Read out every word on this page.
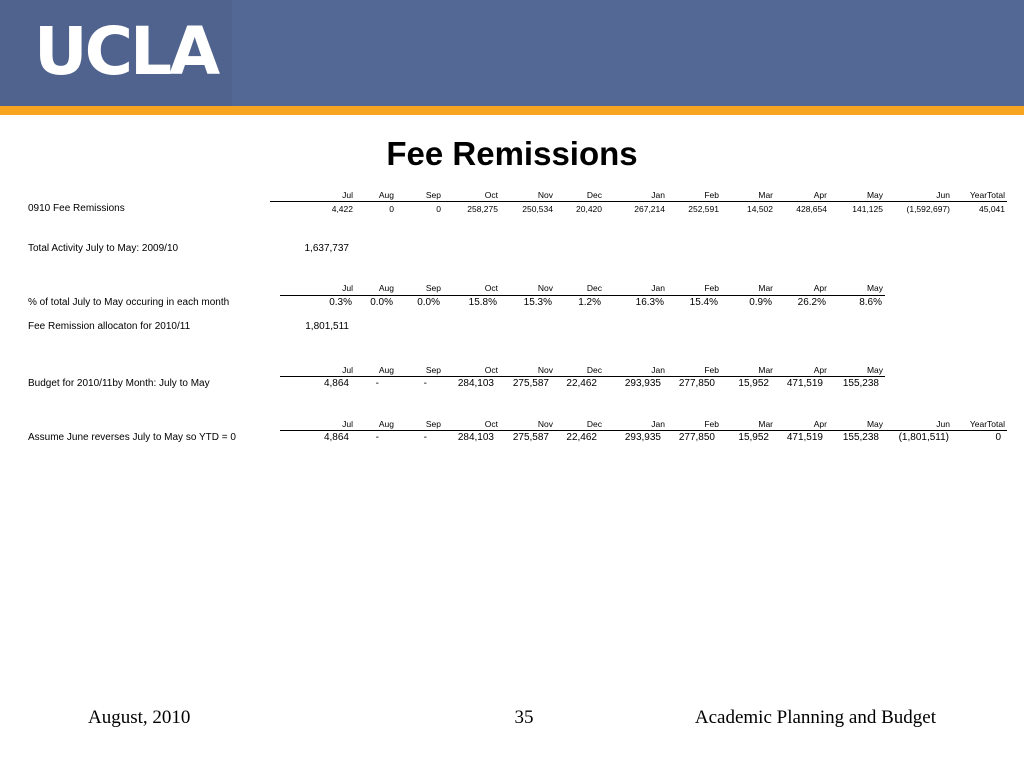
UCLA
Fee Remissions
0910 Fee Remissions
Jul	Aug	Sep	Oct	Nov	Dec	Jan	Feb	Mar	Apr	May	Jun	YearTotal
4,422	0	0	258,275	250,534	20,420	267,214	252,591	14,502	428,654	141,125	(1,592,697)	45,041
Total Activity July to May: 2009/10	1,637,737
% of total July to May occuring in each month
Jul	Aug	Sep	Oct	Nov	Dec	Jan	Feb	Mar	Apr	May
0.3%	0.0%	0.0%	15.8%	15.3%	1.2%	16.3%	15.4%	0.9%	26.2%	8.6%
Fee Remission allocaton for 2010/11	1,801,511
Budget for 2010/11by Month: July to May
Jul	Aug	Sep	Oct	Nov	Dec	Jan	Feb	Mar	Apr	May
4,864	-	-	284,103	275,587	22,462	293,935	277,850	15,952	471,519	155,238
Assume June reverses July to May so YTD = 0
Jul	Aug	Sep	Oct	Nov	Dec	Jan	Feb	Mar	Apr	May	Jun	YearTotal
4,864	-	-	284,103	275,587	22,462	293,935	277,850	15,952	471,519	155,238	(1,801,511)	0
August, 2010	35	Academic Planning and Budget
